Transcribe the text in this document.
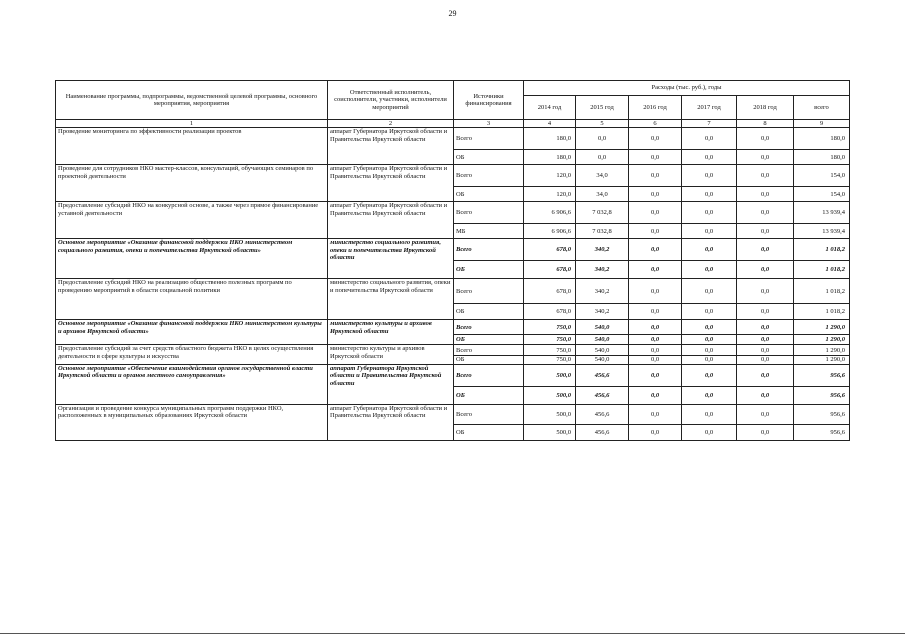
29
Наименование программы, подпрограммы, ведомственной целевой программы, основного мероприятия, мероприятия	Ответственный исполнитель, соисполнители, участники, исполнители мероприятий	Источники финансирования	Расходы (тыс. руб.), годы					
			2014 год	2015 год	2016 год	2017 год	2018 год	всего
1	2	3	4	5	6	7	8	9
Проведение мониторинга по эффективности реализации проектов	аппарат Губернатора Иркутской области и Правительства Иркутской области	Всего	180,0	0,0	0,0	0,0	0,0	180,0
		ОБ	180,0	0,0	0,0	0,0	0,0	180,0
Проведение для сотрудников НКО мастер-классов, консультаций, обучающих семинаров по проектной деятельности	аппарат Губернатора Иркутской области и Правительства Иркутской области	Всего	120,0	34,0	0,0	0,0	0,0	154,0
		ОБ	120,0	34,0	0,0	0,0	0,0	154,0
Предоставление субсидий НКО на конкурсной основе, а также через прямое финансирование уставной деятельности	аппарат Губернатора Иркутской области и Правительства Иркутской области	Всего	6 906,6	7 032,8	0,0	0,0	0,0	13 939,4
		МБ	6 906,6	7 032,8	0,0	0,0	0,0	13 939,4
Основное мероприятие «Оказание финансовой поддержки НКО министерством социального развития, опеки и попечительства Иркутской области»	министерство социального развития, опеки и попечительства Иркутской области	Всего	678,0	340,2	0,0	0,0	0,0	1 018,2
		ОБ	678,0	340,2	0,0	0,0	0,0	1 018,2
Предоставление субсидий НКО на реализацию общественно полезных программ по проведению мероприятий в области социальной политики	министерство социального развития, опеки и попечительства Иркутской области	Всего	678,0	340,2	0,0	0,0	0,0	1 018,2
		ОБ	678,0	340,2	0,0	0,0	0,0	1 018,2
Основное мероприятие «Оказание финансовой поддержки НКО министерством культуры и архивов Иркутской области»	министерство культуры и архивов Иркутской области	Всего	750,0	540,0	0,0	0,0	0,0	1 290,0
		ОБ	750,0	540,0	0,0	0,0	0,0	1 290,0
Предоставление субсидий за счет средств областного бюджета НКО в целях осуществления деятельности в сфере культуры и искусства	министерство культуры и архивов Иркутской области	Всего	750,0	540,0	0,0	0,0	0,0	1 290,0
		ОБ	750,0	540,0	0,0	0,0	0,0	1 290,0
Основное мероприятие «Обеспечение взаимодействия органов государственной власти Иркутской области и органов местного самоуправления»	аппарат Губернатора Иркутской области и Правительства Иркутской области	Всего	500,0	456,6	0,0	0,0	0,0	956,6
		ОБ	500,0	456,6	0,0	0,0	0,0	956,6
Организация и проведение конкурса муниципальных программ поддержки НКО, расположенных в муниципальных образованиях Иркутской области	аппарат Губернатора Иркутской области и Правительства Иркутской области	Всего	500,0	456,6	0,0	0,0	0,0	956,6
		ОБ	500,0	456,6	0,0	0,0	0,0	956,6
